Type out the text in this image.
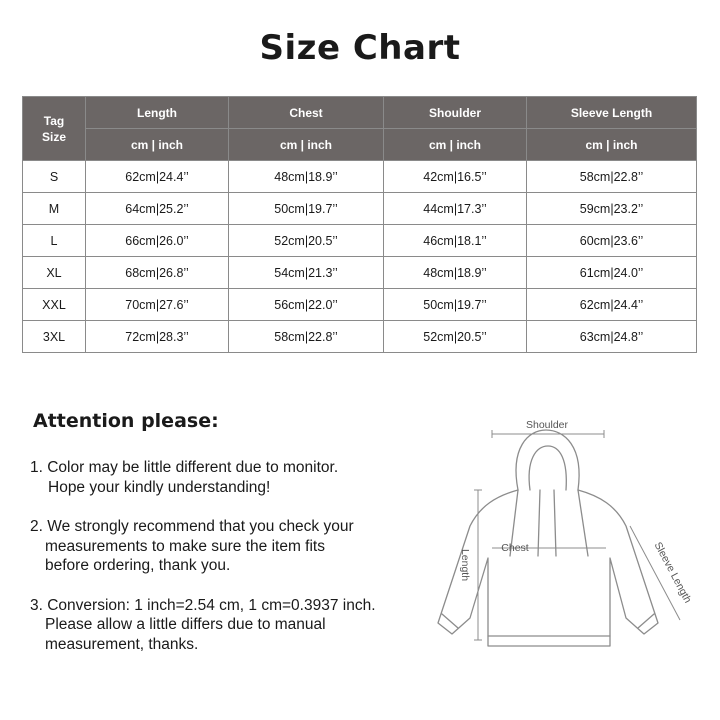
Size Chart
Tag
Size	Length	Chest	Shoulder	Sleeve Length
	cm | inch	cm | inch	cm | inch	cm | inch
S	62cm|24.4’’	48cm|18.9’’	42cm|16.5’’	58cm|22.8’’
M	64cm|25.2’’	50cm|19.7’’	44cm|17.3’’	59cm|23.2’’
L	66cm|26.0’’	52cm|20.5’’	46cm|18.1’’	60cm|23.6’’
XL	68cm|26.8’’	54cm|21.3’’	48cm|18.9’’	61cm|24.0’’
XXL	70cm|27.6’’	56cm|22.0’’	50cm|19.7’’	62cm|24.4’’
3XL	72cm|28.3’’	58cm|22.8’’	52cm|20.5’’	63cm|24.8’’
Attention please:
1. Color may be little different due to monitor.
Hope your kindly understanding!
2. We strongly recommend that you check your
measurements to make sure the item fits
before ordering, thank you.
3. Conversion: 1 inch=2.54 cm, 1 cm=0.3937 inch.
Please allow a little differs due to manual
measurement, thanks.
Shoulder
Length
Chest	Sleeve Length
